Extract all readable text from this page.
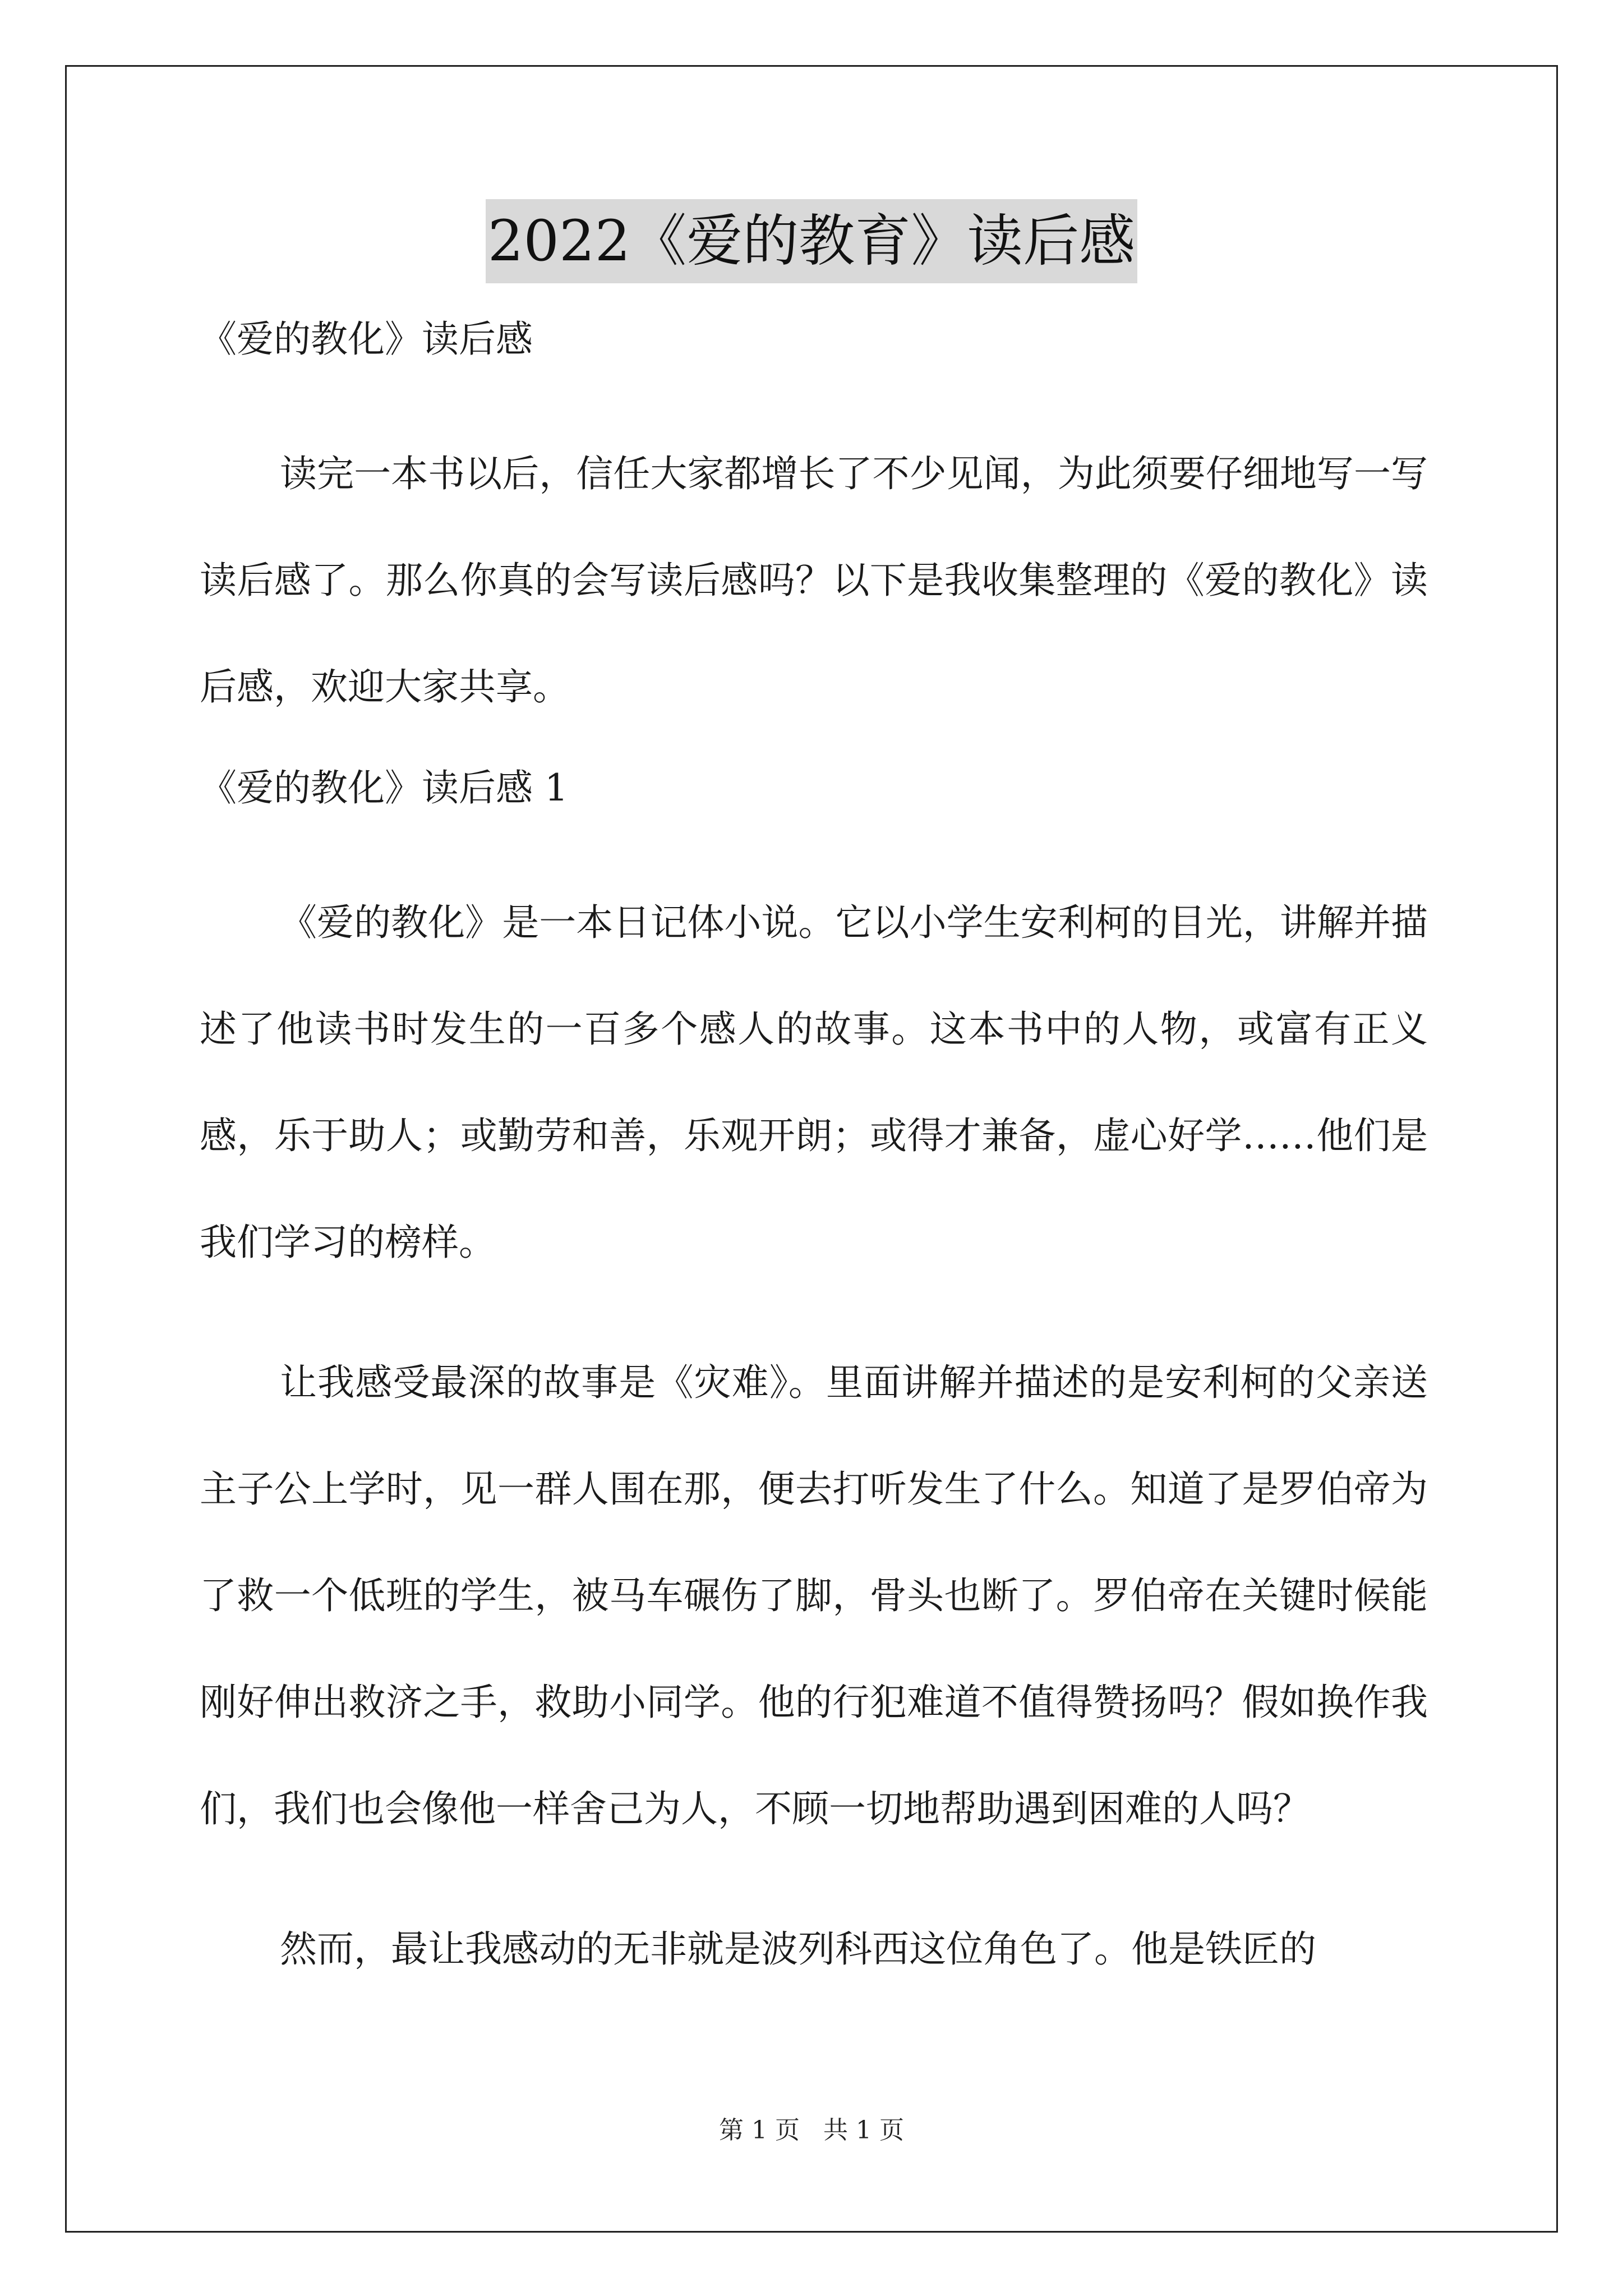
2022《爱的教育》读后感

《爱的教化》读后感

读完一本书以后，信任大家都增长了不少见闻，为此须要仔细地写一写读后感了。那么你真的会写读后感吗？以下是我收集整理的《爱的教化》读后感，欢迎大家共享。

《爱的教化》读后感 1

《爱的教化》是一本日记体小说。它以小学生安利柯的目光，讲解并描述了他读书时发生的一百多个感人的故事。这本书中的人物，或富有正义感，乐于助人；或勤劳和善，乐观开朗；或得才兼备，虚心好学……他们是我们学习的榜样。

让我感受最深的故事是《灾难》。里面讲解并描述的是安利柯的父亲送主子公上学时，见一群人围在那，便去打听发生了什么。知道了是罗伯帝为了救一个低班的学生，被马车碾伤了脚，骨头也断了。罗伯帝在关键时候能刚好伸出救济之手，救助小同学。他的行犯难道不值得赞扬吗？假如换作我们，我们也会像他一样舍己为人，不顾一切地帮助遇到困难的人吗？

然而，最让我感动的无非就是波列科西这位角色了。他是铁匠的

第 1 页   共 1 页
